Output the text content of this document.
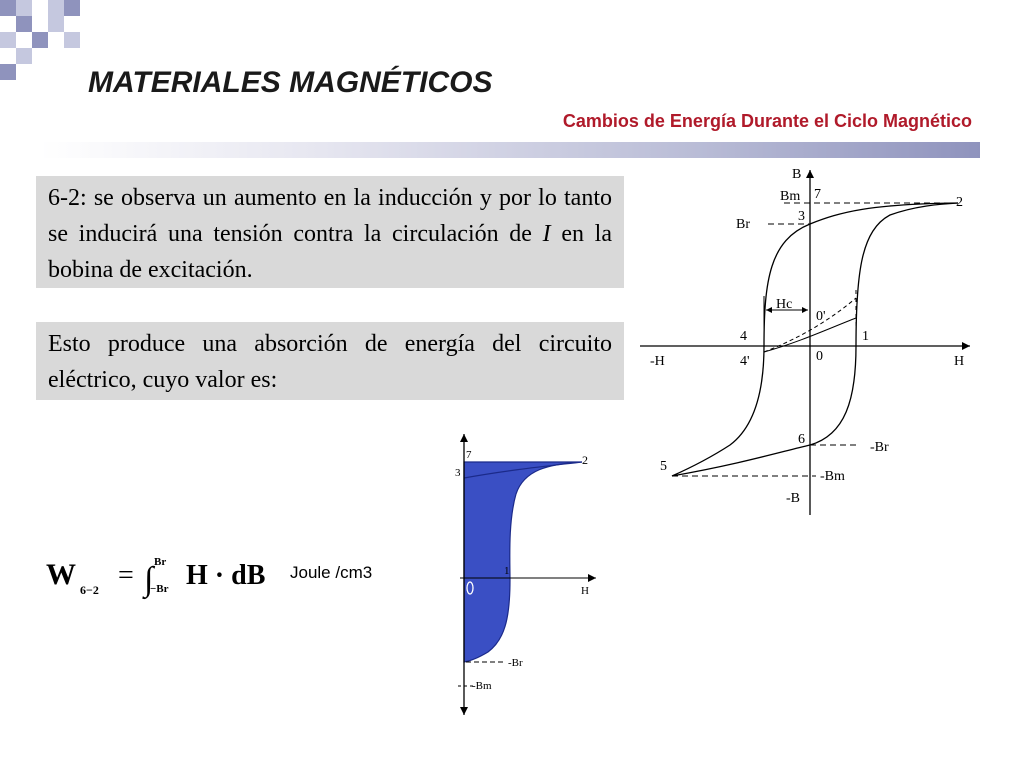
MATERIALES MAGNÉTICOS
Cambios de Energía Durante el Ciclo Magnético
6-2: se observa un aumento en la inducción y por lo tanto se inducirá una tensión contra la circulación de I en la bobina de excitación.
Esto produce una absorción de energía del circuito eléctrico, cuyo valor es:
W 6−2 = ∫ Br
−Br H · dB Joule /cm3
B
-B
H
-H
Bm
Br
-Br
-Bm
Hc
7
2
3
0'
1
0
4
4'
6
5
7	2
3
1
H
-Br
-Bm
